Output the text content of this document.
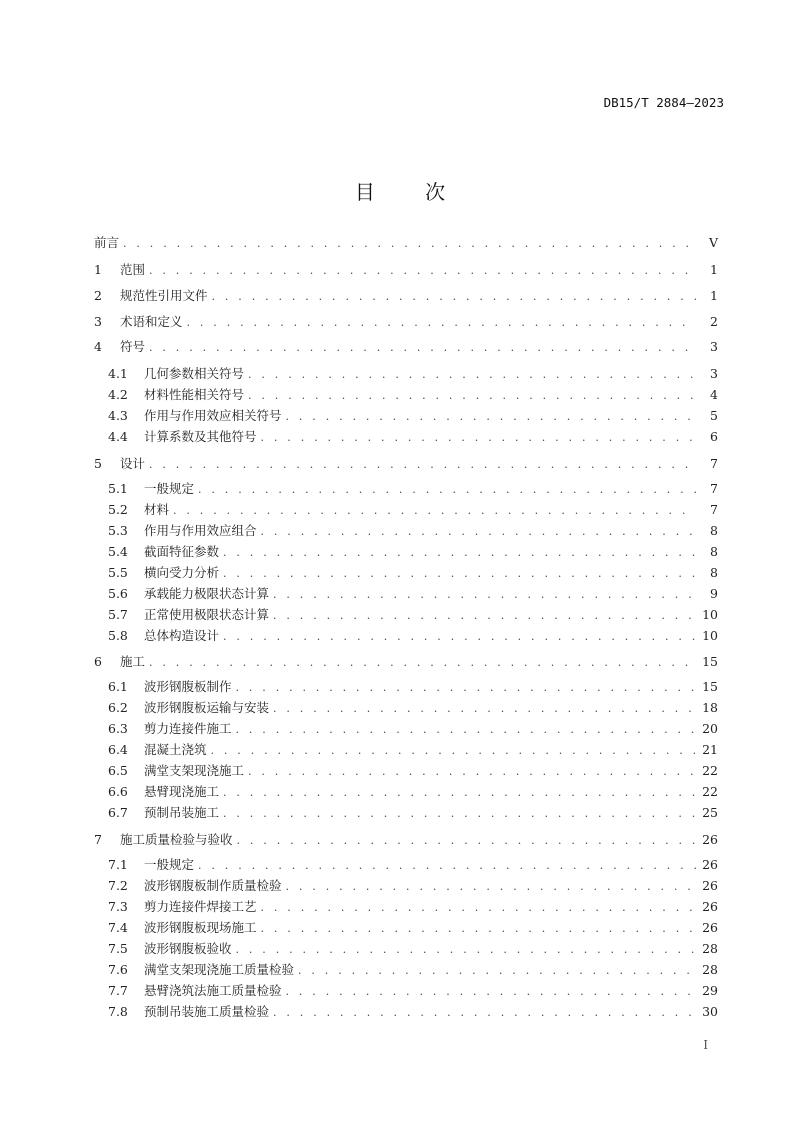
DB15/T 2884—2023
目 次
前言 . . .	V
1	范围 . . .	1
2	规范性引用文件 . . .	1
3	术语和定义 . . .	2
4	符号 . . .	3
4.1	几何参数相关符号 . . .	3
4.2	材料性能相关符号 . . .	4
4.3	作用与作用效应相关符号 . . .	5
4.4	计算系数及其他符号 . . .	6
5	设计 . . .	7
5.1	一般规定 . . .	7
5.2	材料 . . .	7
5.3	作用与作用效应组合 . . .	8
5.4	截面特征参数 . . .	8
5.5	横向受力分析 . . .	8
5.6	承载能力极限状态计算 . . .	9
5.7	正常使用极限状态计算 . . .	10
5.8	总体构造设计 . . .	10
6	施工 . . .	15
6.1	波形钢腹板制作 . . .	15
6.2	波形钢腹板运输与安装 . . .	18
6.3	剪力连接件施工 . . .	20
6.4	混凝土浇筑 . . .	21
6.5	满堂支架现浇施工 . . .	22
6.6	悬臂现浇施工 . . .	22
6.7	预制吊装施工 . . .	25
7	施工质量检验与验收 . . .	26
7.1	一般规定 . . .	26
7.2	波形钢腹板制作质量检验 . . .	26
7.3	剪力连接件焊接工艺 . . .	26
7.4	波形钢腹板现场施工 . . .	26
7.5	波形钢腹板验收 . . .	28
7.6	满堂支架现浇施工质量检验 . . .	28
7.7	悬臂浇筑法施工质量检验 . . .	29
7.8	预制吊装施工质量检验 . . .	30
I
